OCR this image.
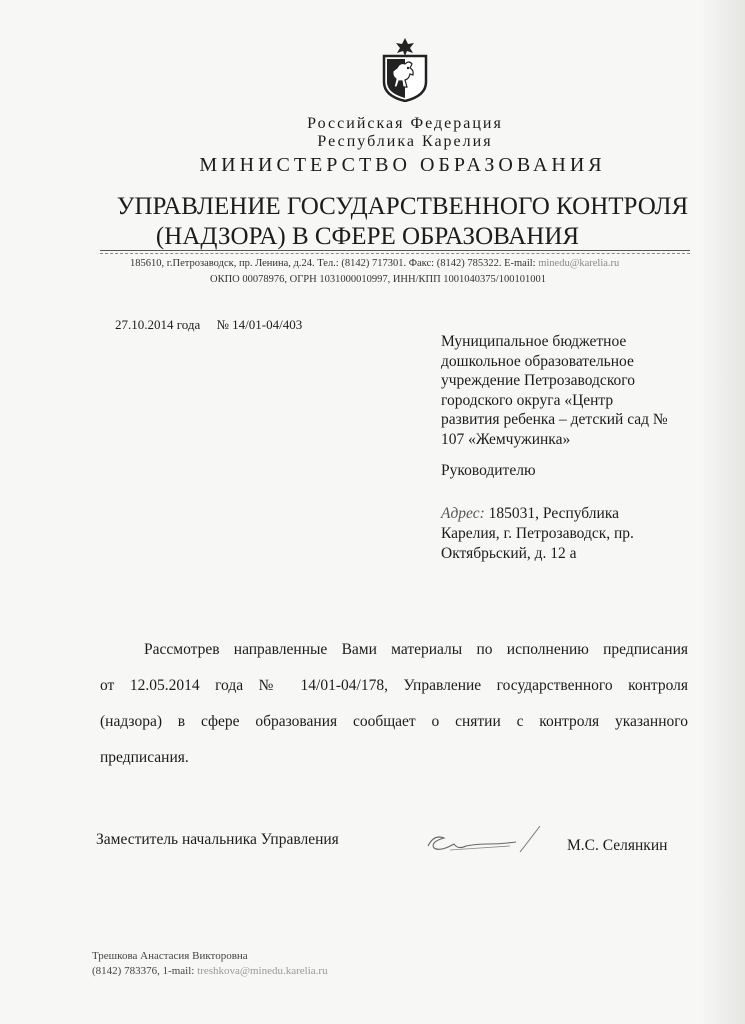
Российская Федерация
Республика Карелия
МИНИСТЕРСТВО ОБРАЗОВАНИЯ
УПРАВЛЕНИЕ ГОСУДАРСТВЕННОГО КОНТРОЛЯ
(НАДЗОРА) В СФЕРЕ ОБРАЗОВАНИЯ
185610, г.Петрозаводск, пр. Ленина, д.24. Тел.: (8142) 717301. Факс: (8142) 785322. E-mail: minedu@karelia.ru
ОКПО 00078976, ОГРН 1031000010997, ИНН/КПП 1001040375/100101001
27.10.2014 года № 14/01-04/403
Муниципальное бюджетное
дошкольное образовательное
учреждение Петрозаводского
городского округа «Центр
развития ребенка – детский сад №
107 «Жемчужинка»
Руководителю
Адрес: 185031, Республика
Карелия, г. Петрозаводск, пр.
Октябрьский, д. 12 а
Рассмотрев направленные Вами материалы по исполнению предписания
от 12.05.2014 года № 14/01-04/178, Управление государственного контроля
(надзора) в сфере образования сообщает о снятии с контроля указанного
предписания.
Заместитель начальника Управления	М.С. Селянкин
Трешкова Анастасия Викторовна
(8142) 783376, 1-mail: treshkova@minedu.karelia.ru
